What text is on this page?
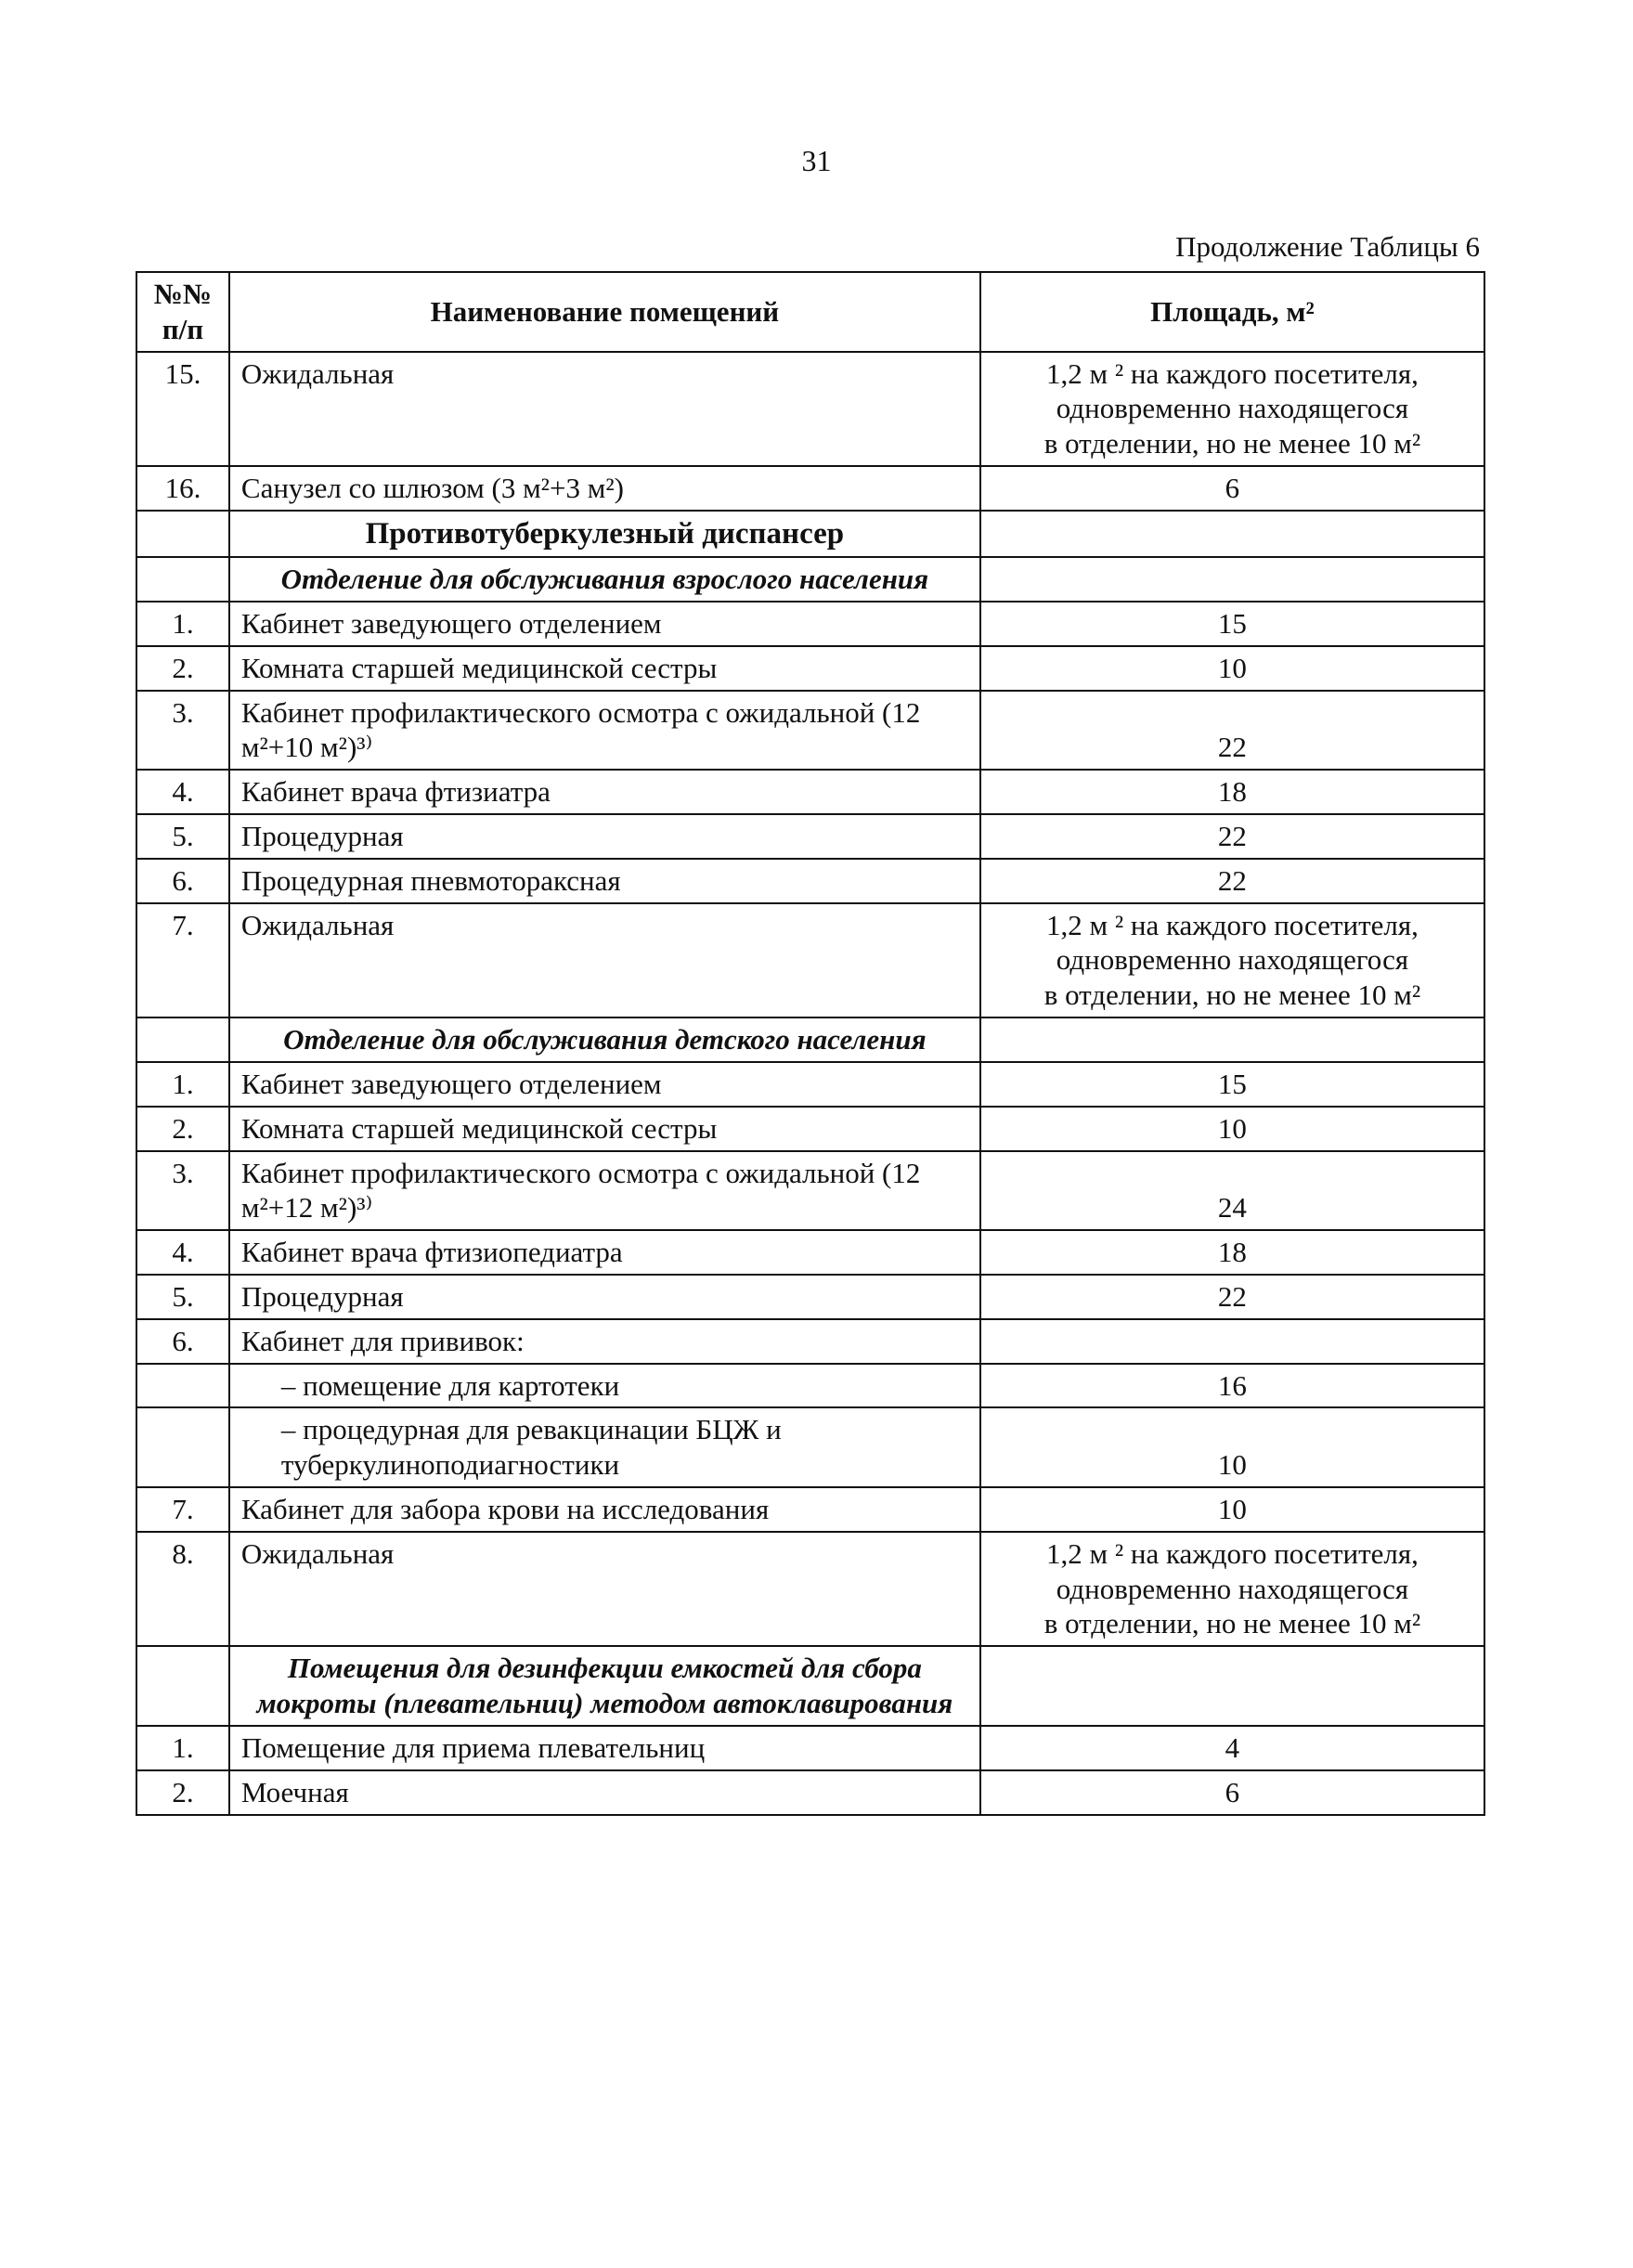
31
Продолжение Таблицы 6
№№ п/п	Наименование помещений	Площадь, м²
15.	Ожидальная	1,2 м ² на каждого посетителя,
одновременно находящегося
в отделении, но не менее 10 м²

16.	Санузел со шлюзом (3 м²+3 м²)	6
	Противотуберкулезный диспансер	
	Отделение для обслуживания взрослого населения	
1.	Кабинет заведующего отделением	15
2.	Комната старшей медицинской сестры	10
3.	Кабинет профилактического осмотра с ожидальной (12 м²+10 м²)³⁾	22
4.	Кабинет врача фтизиатра	18
5.	Процедурная	22
6.	Процедурная пневмотораксная	22
7.	Ожидальная	1,2 м ² на каждого посетителя,
одновременно находящегося
в отделении, но не менее 10 м²

	Отделение для обслуживания детского населения	
1.	Кабинет заведующего отделением	15
2.	Комната старшей медицинской сестры	10
3.	Кабинет профилактического осмотра с ожидальной (12 м²+12 м²)³⁾	24
4.	Кабинет врача фтизиопедиатра	18
5.	Процедурная	22
6.	Кабинет для прививок:	
	– помещение для картотеки	16
	– процедурная для ревакцинации БЦЖ и туберкулиноподиагностики	10
7.	Кабинет для забора крови на исследования	10
8.	Ожидальная	1,2 м ² на каждого посетителя,
одновременно находящегося
в отделении, но не менее 10 м²

	Помещения для дезинфекции емкостей для сбора мокроты (плевательниц) методом автоклавирования	
1.	Помещение для приема плевательниц	4
2.	Моечная	6
